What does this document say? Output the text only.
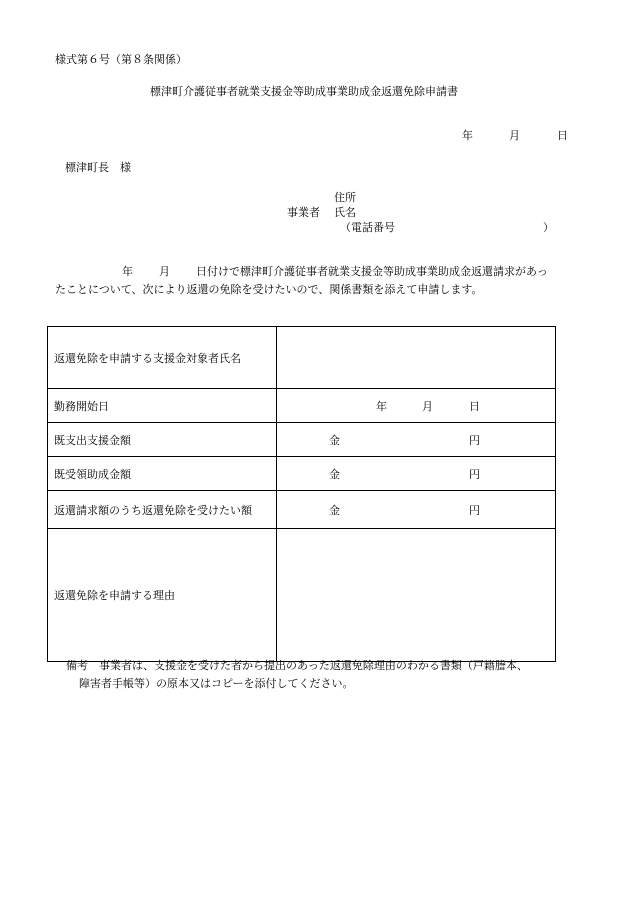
様式第６号（第８条関係）
標津町介護従事者就業支援金等助成事業助成金返還免除申請書
年	月	日
標津町長　様
住所
事業者 氏名
（電話番号	）
年 月 日付けで標津町介護従事者就業支援金等助成事業助成金返還請求があっ
たことについて、次により返還の免除を受けたいので、関係書類を添えて申請します。
返還免除を申請する支援金対象者氏名	
勤務開始日	年 月 日

既支出支援金額	金 円

既受領助成金額	金 円

返還請求額のうち返還免除を受けたい額	金 円

返還免除を申請する理由	
備考　事業者は、支援金を受けた者から提出のあった返還免除理由のわかる書類（戸籍謄本、
障害者手帳等）の原本又はコピーを添付してください。
